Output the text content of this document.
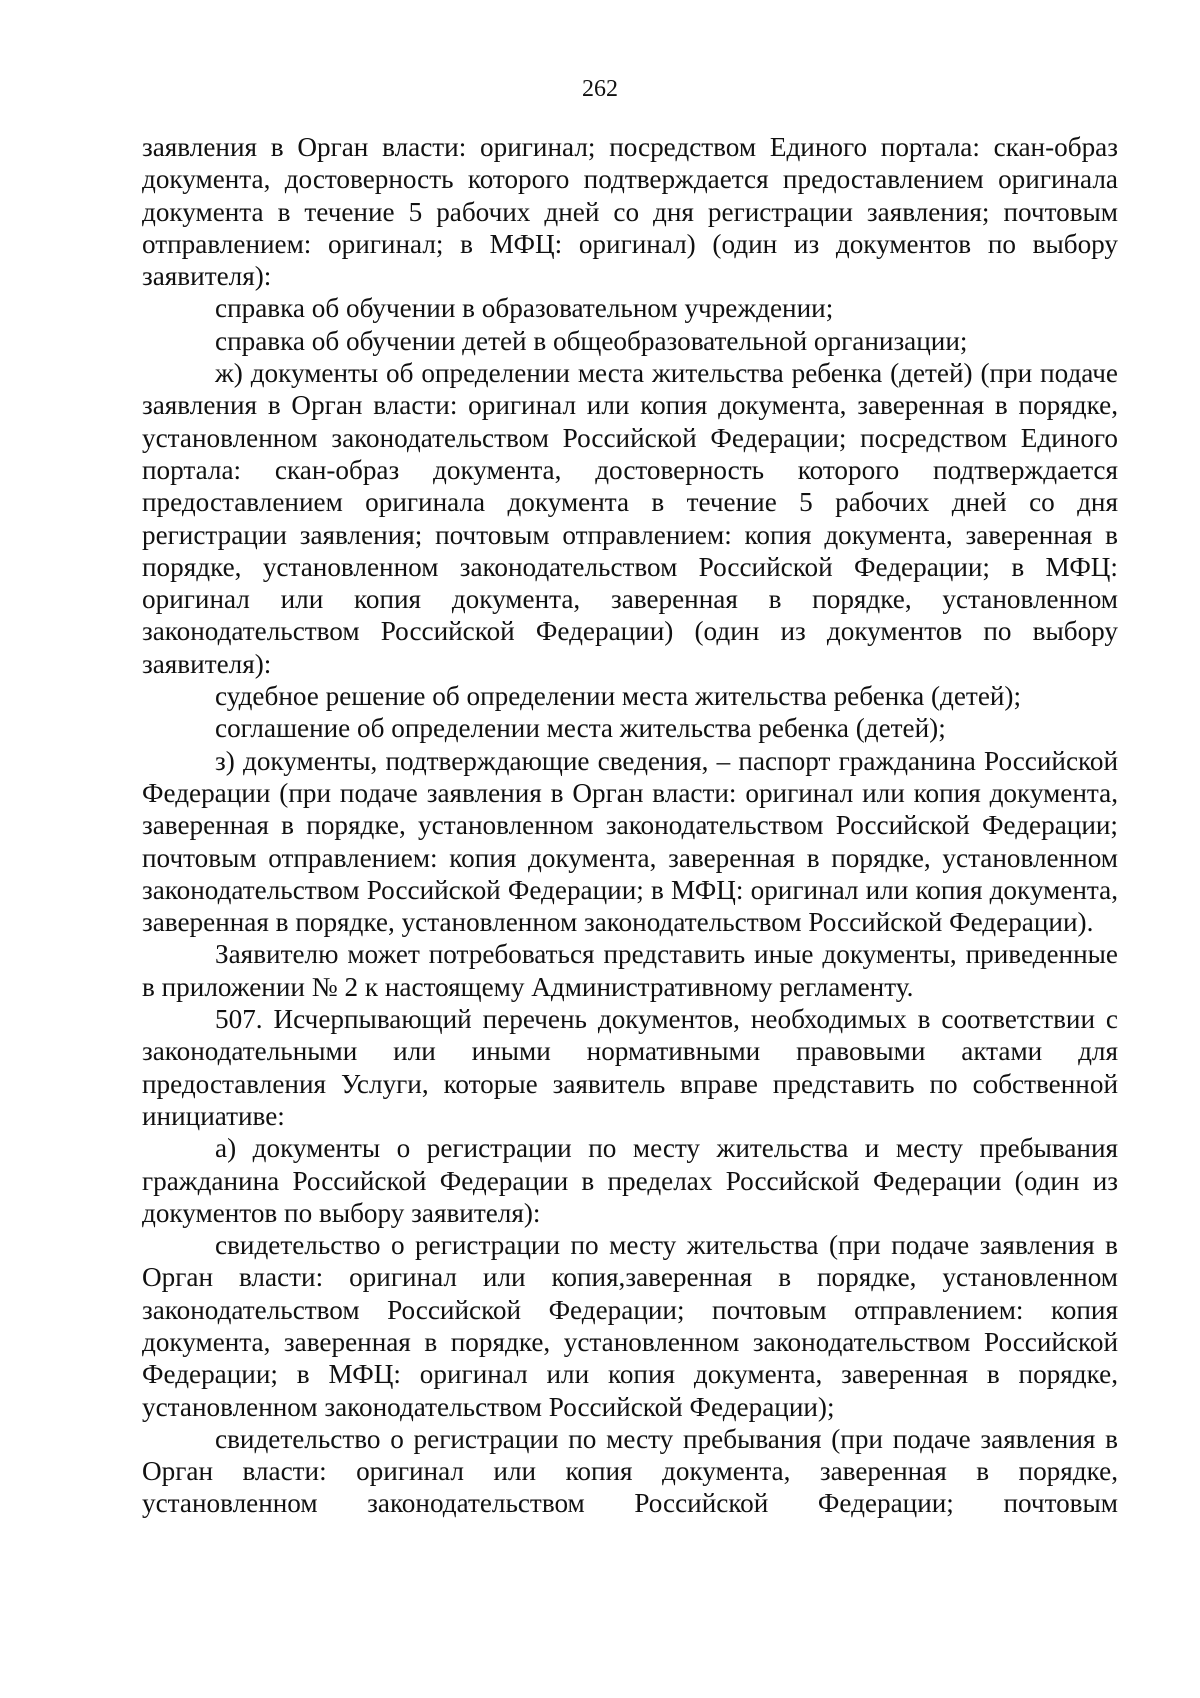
262

заявления в Орган власти: оригинал; посредством Единого портала: скан-образ документа, достоверность которого подтверждается предоставлением оригинала документа в течение 5 рабочих дней со дня регистрации заявления; почтовым отправлением: оригинал; в МФЦ: оригинал) (один из документов по выбору заявителя):

справка об обучении в образовательном учреждении;

справка об обучении детей в общеобразовательной организации;

ж) документы об определении места жительства ребенка (детей) (при подаче заявления в Орган власти: оригинал или копия документа, заверенная в порядке, установленном законодательством Российской Федерации; посредством Единого портала: скан-образ документа, достоверность которого подтверждается предоставлением оригинала документа в течение 5 рабочих дней со дня регистрации заявления; почтовым отправлением: копия документа, заверенная в порядке, установленном законодательством Российской Федерации; в МФЦ: оригинал или копия документа, заверенная в порядке, установленном законодательством Российской Федерации) (один из документов по выбору заявителя):

судебное решение об определении места жительства ребенка (детей);

соглашение об определении места жительства ребенка (детей);

з) документы, подтверждающие сведения, – паспорт гражданина Российской Федерации (при подаче заявления в Орган власти: оригинал или копия документа, заверенная в порядке, установленном законодательством Российской Федерации; почтовым отправлением: копия документа, заверенная в порядке, установленном законодательством Российской Федерации; в МФЦ: оригинал или копия документа, заверенная в порядке, установленном законодательством Российской Федерации).

Заявителю может потребоваться представить иные документы, приведенные в приложении № 2 к настоящему Административному регламенту.

507. Исчерпывающий перечень документов, необходимых в соответствии с законодательными или иными нормативными правовыми актами для предоставления Услуги, которые заявитель вправе представить по собственной инициативе:

а) документы о регистрации по месту жительства и месту пребывания гражданина Российской Федерации в пределах Российской Федерации (один из документов по выбору заявителя):

свидетельство о регистрации по месту жительства (при подаче заявления в Орган власти: оригинал или копия,заверенная в порядке, установленном законодательством Российской Федерации; почтовым отправлением: копия документа, заверенная в порядке, установленном законодательством Российской Федерации; в МФЦ: оригинал или копия документа, заверенная в порядке, установленном законодательством Российской Федерации);

свидетельство о регистрации по месту пребывания (при подаче заявления в Орган власти: оригинал или копия документа, заверенная в порядке, установленном законодательством Российской Федерации; почтовым
